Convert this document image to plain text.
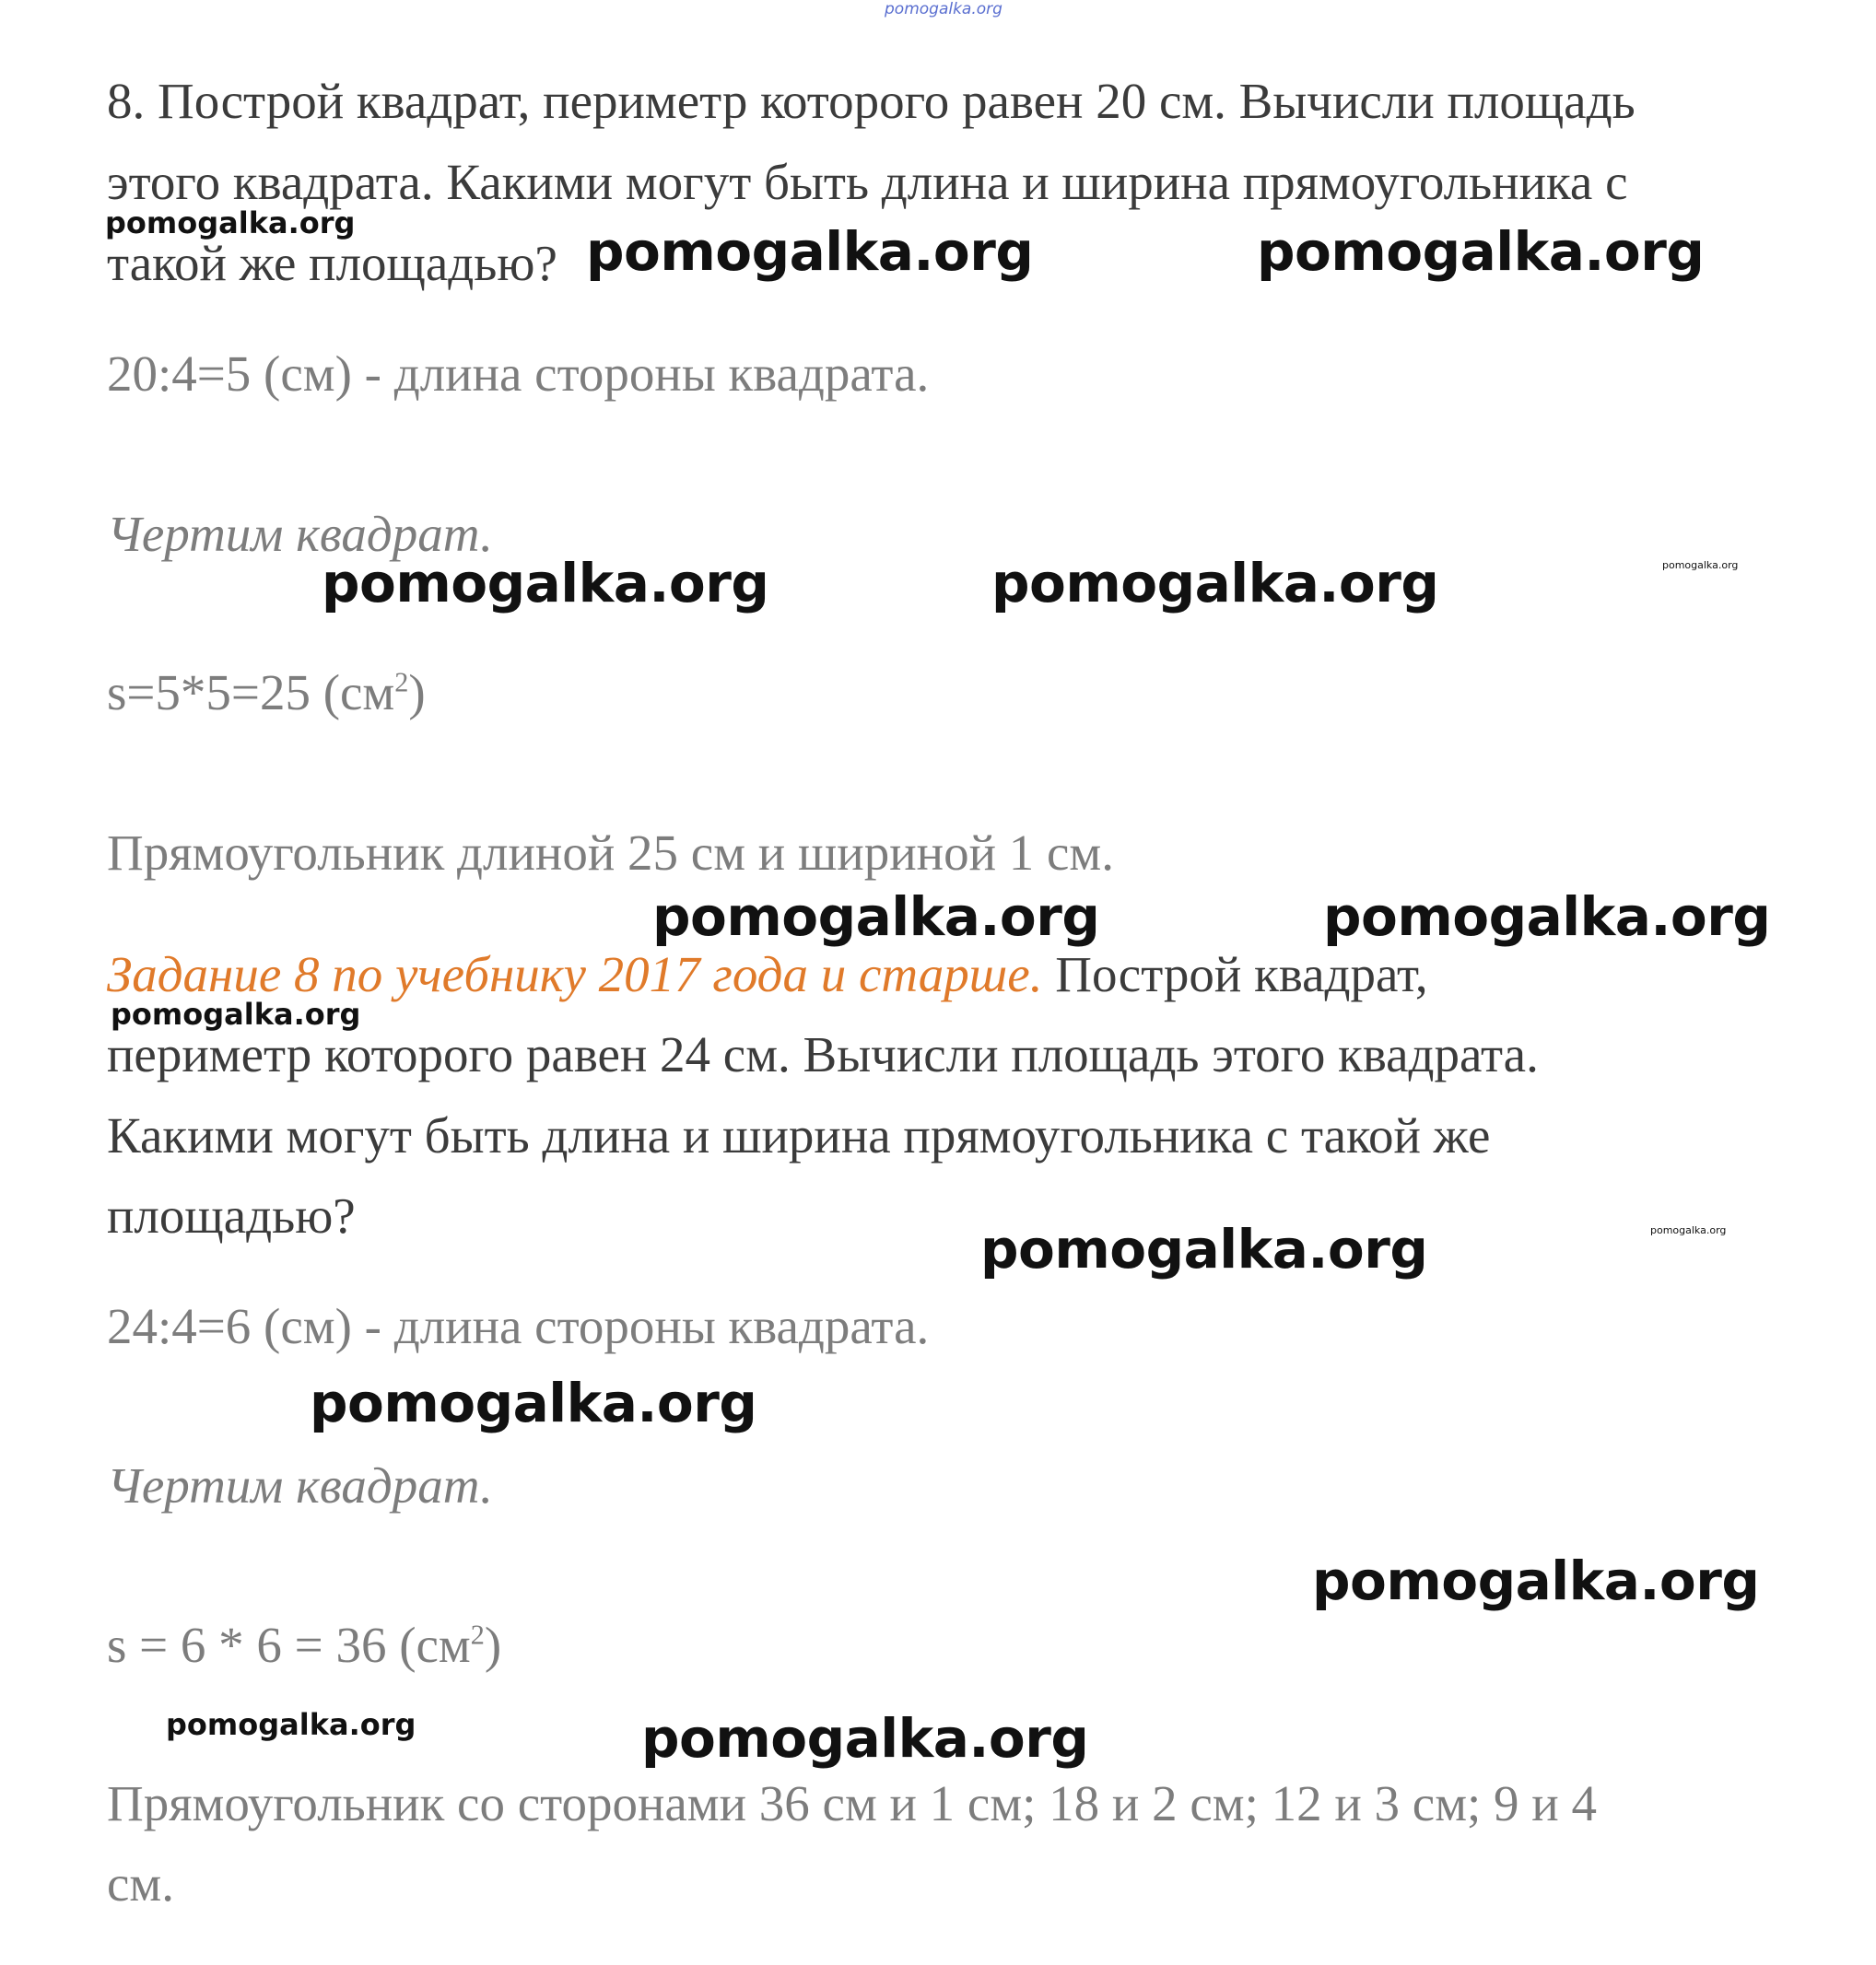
8. Построй квадрат, периметр которого равен 20 см. Вычисли площадь

этого квадрата. Какими могут быть длина и ширина прямоугольника с

такой же площадью?

20:4=5 (см) - длина стороны квадрата.

Чертим квадрат.

s=5*5=25 $(см^2)$

Прямоугольник длиной 25 см и шириной 1 см.

Задание 8 по учебнику 2017 года и старше. Построй квадрат,

периметр которого равен 24 см. Вычисли площадь этого квадрата.

Какими могут быть длина и ширина прямоугольника с такой же

площадью?

24:4=6 (см) - длина стороны квадрата.

Чертим квадрат.

s = 6 * 6 = 36 $(см^2)$

Прямоугольник со сторонами 36 см и 1 см; 18 и 2 см; 12 и 3 см; 9 и 4

см.

pomogalka.org

pomogalka.org	pomogalka.org	pomogalka.org

pomogalka.org

pomogalka.org	pomogalka.org

pomogalka.org	pomogalka.org

pomogalka.org

pomogalka.org

pomogalka.org

pomogalka.org

pomogalka.org

pomogalka.org	pomogalka.org
